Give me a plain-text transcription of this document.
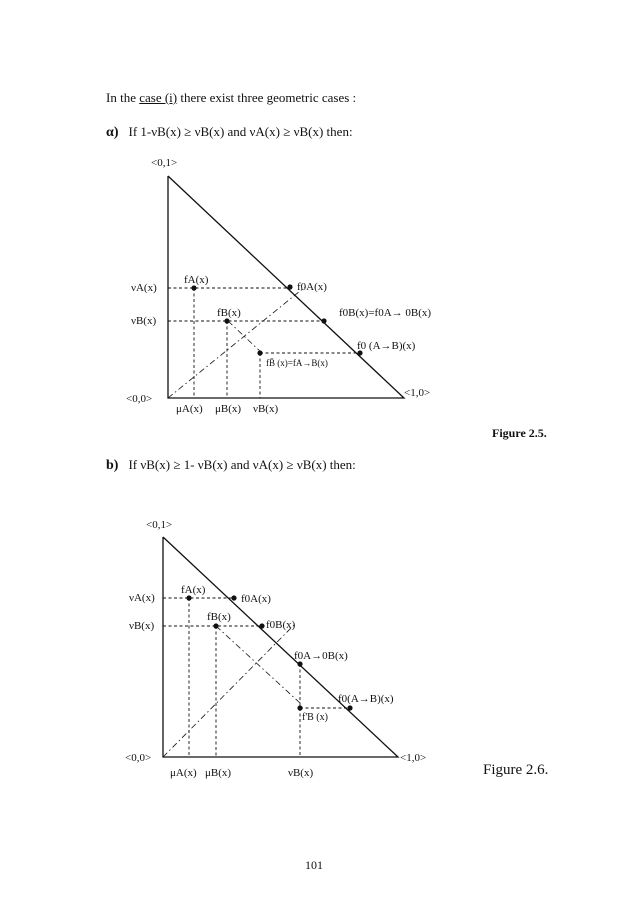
In the case (i) there exist three geometric cases :
α) If 1-νB(x) ≥ νB(x) and νA(x) ≥ νB(x) then:
b) If νB(x) ≥ 1- νB(x) and νA(x) ≥ νB(x) then:
<0,1>
<0,0>	<1,0>
νA(x)
νB(x)
μA(x) μB(x) νB(x)
fA(x)
fB(x)
f0A(x)
f0B(x)=f0A→ 0B(x)
f0 (A→B)(x)
fB̄ (x)=fA→B(x)
<0,1>
<0,0>	<1,0>
νA(x)
νB(x)
μA(x) μB(x)	νB(x)
fA(x)
fB(x)
f0A(x)
f0B(x)
f0A→0B(x)
f0(A→B)(x)
f'B (x)
Figure 2.5.
Figure 2.6.
101
